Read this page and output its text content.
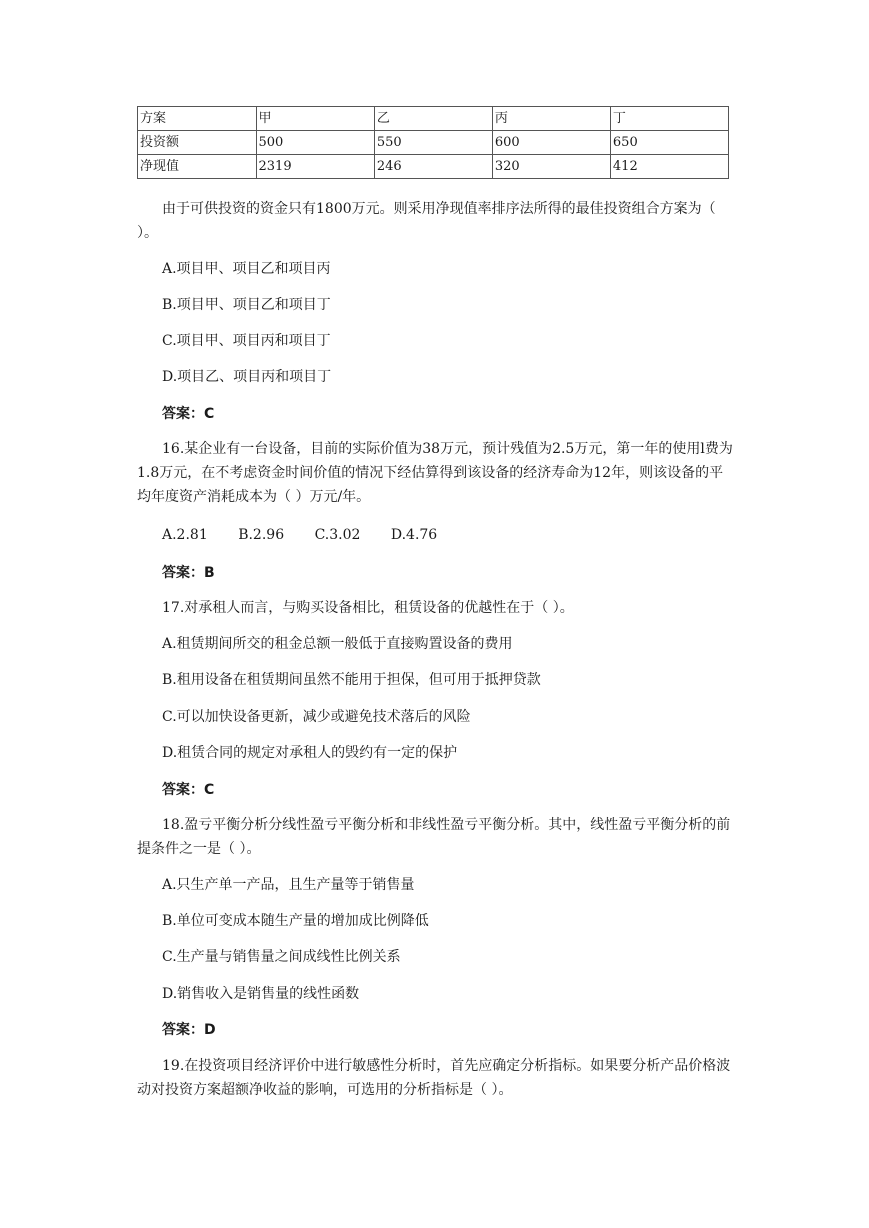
方案	甲	乙	丙	丁
投资额	500	550	600	650
净现值	2319	246	320	412

由于可供投资的资金只有1800万元。则采用净现值率排序法所得的最佳投资组合方案为（ ）。

A.项目甲、项目乙和项目丙

B.项目甲、项目乙和项目丁

C.项目甲、项目丙和项目丁

D.项目乙、项目丙和项目丁

答案：C

16.某企业有一台设备，目前的实际价值为38万元，预计残值为2.5万元，第一年的使用l费为1.8万元，在不考虑资金时间价值的情况下经估算得到该设备的经济寿命为12年，则该设备的平均年度资产消耗成本为（ ）万元/年。

A.2.81 B.2.96 C.3.02 D.4.76

答案：B

17.对承租人而言，与购买设备相比，租赁设备的优越性在于（ ）。

A.租赁期间所交的租金总额一般低于直接购置设备的费用

B.租用设备在租赁期间虽然不能用于担保，但可用于抵押贷款

C.可以加快设备更新，减少或避免技术落后的风险

D.租赁合同的规定对承租人的毁约有一定的保护

答案：C

18.盈亏平衡分析分线性盈亏平衡分析和非线性盈亏平衡分析。其中，线性盈亏平衡分析的前提条件之一是（ ）。

A.只生产单一产品，且生产量等于销售量

B.单位可变成本随生产量的增加成比例降低

C.生产量与销售量之间成线性比例关系

D.销售收入是销售量的线性函数

答案：D

19.在投资项目经济评价中进行敏感性分析时，首先应确定分析指标。如果要分析产品价格波动对投资方案超额净收益的影响，可选用的分析指标是（ ）。
